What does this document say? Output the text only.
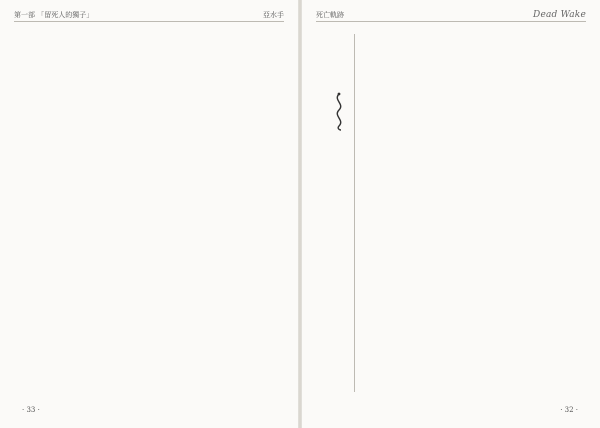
第一部 「留死人的獨子」	亞水手
· 33 ·
死亡軌跡	Dead Wake
· 32 ·
